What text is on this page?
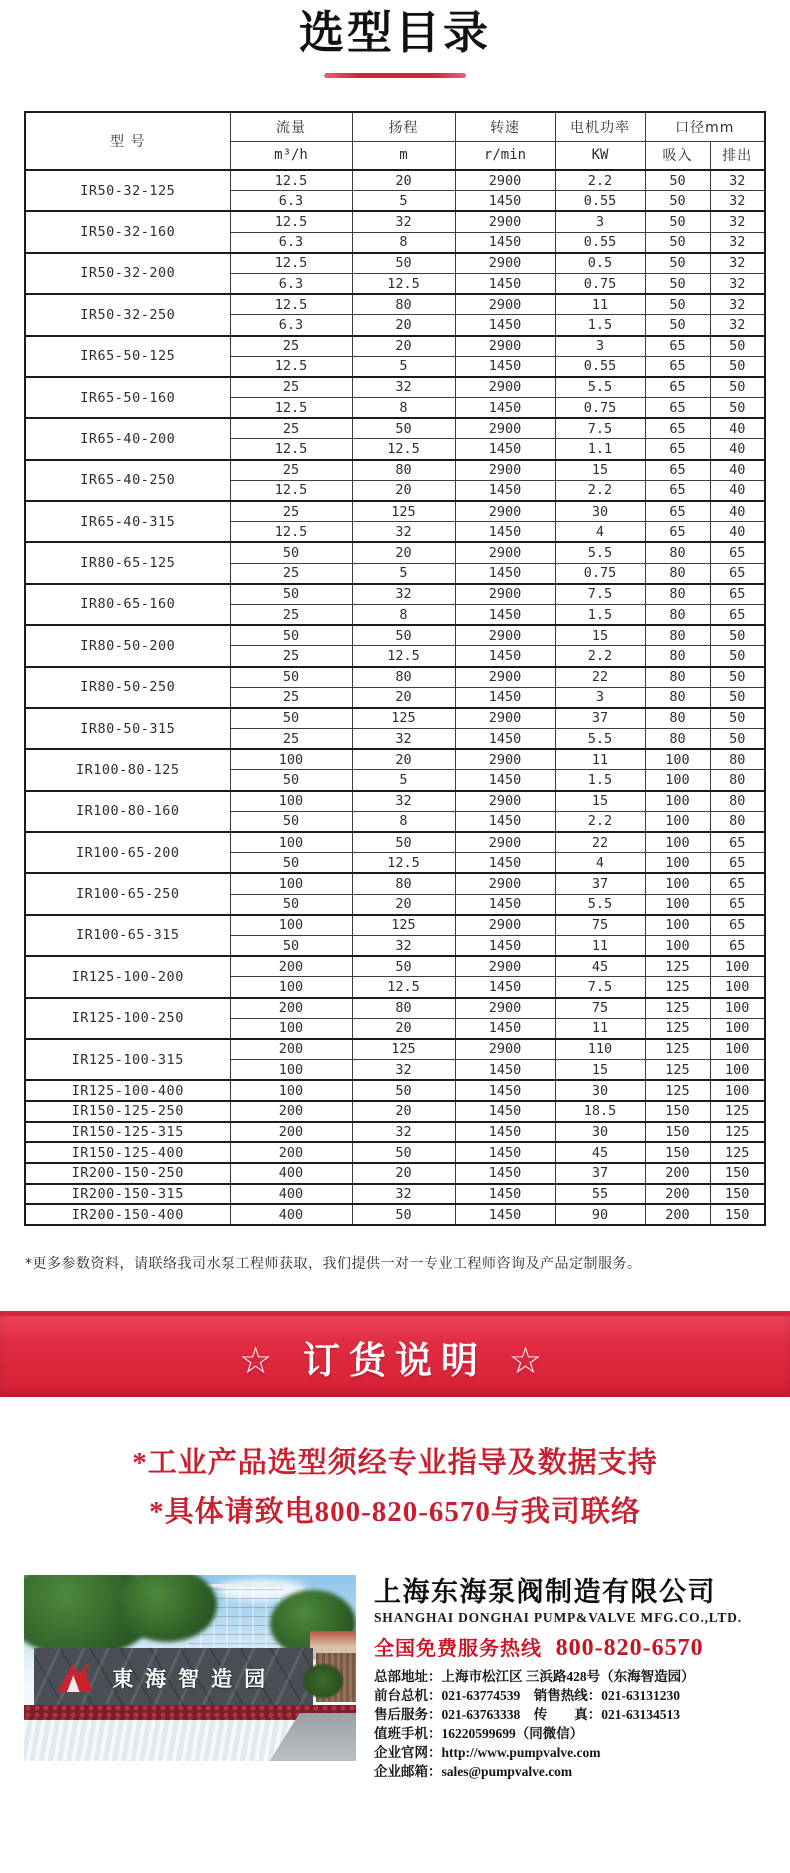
选型目录
型 号	流量	扬程	转速	电机功率	口径mm	
	m³/h	m	r/min	KW	吸入	排出
IR50-32-125	12.5	20	2900	2.2	50	32
	6.3	5	1450	0.55	50	32
IR50-32-160	12.5	32	2900	3	50	32
	6.3	8	1450	0.55	50	32
IR50-32-200	12.5	50	2900	0.5	50	32
	6.3	12.5	1450	0.75	50	32
IR50-32-250	12.5	80	2900	11	50	32
	6.3	20	1450	1.5	50	32
IR65-50-125	25	20	2900	3	65	50
	12.5	5	1450	0.55	65	50
IR65-50-160	25	32	2900	5.5	65	50
	12.5	8	1450	0.75	65	50
IR65-40-200	25	50	2900	7.5	65	40
	12.5	12.5	1450	1.1	65	40
IR65-40-250	25	80	2900	15	65	40
	12.5	20	1450	2.2	65	40
IR65-40-315	25	125	2900	30	65	40
	12.5	32	1450	4	65	40
IR80-65-125	50	20	2900	5.5	80	65
	25	5	1450	0.75	80	65
IR80-65-160	50	32	2900	7.5	80	65
	25	8	1450	1.5	80	65
IR80-50-200	50	50	2900	15	80	50
	25	12.5	1450	2.2	80	50
IR80-50-250	50	80	2900	22	80	50
	25	20	1450	3	80	50
IR80-50-315	50	125	2900	37	80	50
	25	32	1450	5.5	80	50
IR100-80-125	100	20	2900	11	100	80
	50	5	1450	1.5	100	80
IR100-80-160	100	32	2900	15	100	80
	50	8	1450	2.2	100	80
IR100-65-200	100	50	2900	22	100	65
	50	12.5	1450	4	100	65
IR100-65-250	100	80	2900	37	100	65
	50	20	1450	5.5	100	65
IR100-65-315	100	125	2900	75	100	65
	50	32	1450	11	100	65
IR125-100-200	200	50	2900	45	125	100
	100	12.5	1450	7.5	125	100
IR125-100-250	200	80	2900	75	125	100
	100	20	1450	11	125	100
IR125-100-315	200	125	2900	110	125	100
	100	32	1450	15	125	100
IR125-100-400	100	50	1450	30	125	100
IR150-125-250	200	20	1450	18.5	150	125
IR150-125-315	200	32	1450	30	150	125
IR150-125-400	200	50	1450	45	150	125
IR200-150-250	400	20	1450	37	200	150
IR200-150-315	400	32	1450	55	200	150
IR200-150-400	400	50	1450	90	200	150

*更多参数资料，请联络我司水泵工程师获取，我们提供一对一专业工程师咨询及产品定制服务。

☆ 订货说明 ☆
*工业产品选型须经专业指导及数据支持
*具体请致电800-820-6570与我司联络
東海智造园
上海东海泵阀制造有限公司
SHANGHAI DONGHAI PUMP&VALVE MFG.CO.,LTD.
全国免费服务热线 800-820-6570
总部地址：上海市松江区 三浜路428号（东海智造园）
前台总机：021-63774539　销售热线：021-63131230
售后服务：021-63763338　传　　真：021-63134513
值班手机：16220599699（同微信）
企业官网：http://www.pumpvalve.com
企业邮箱：sales@pumpvalve.com
